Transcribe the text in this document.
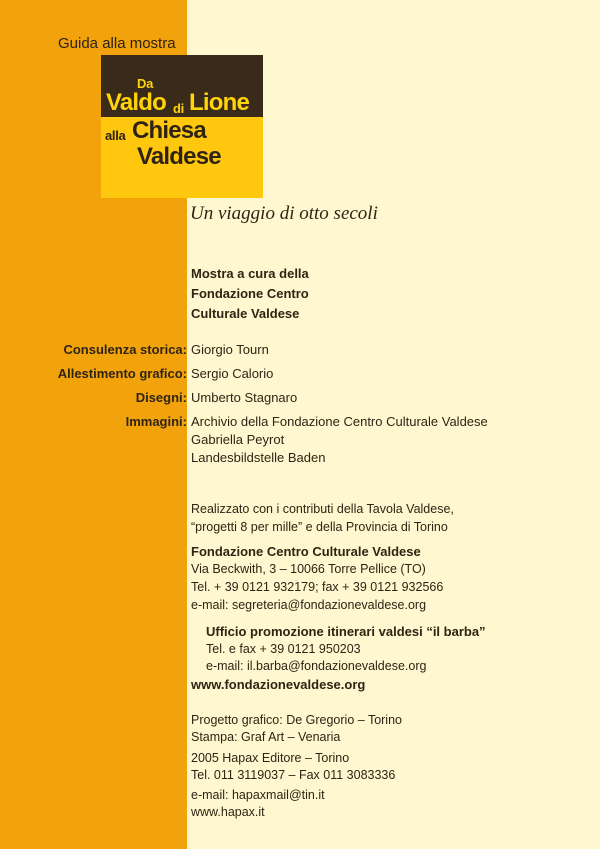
Guida alla mostra
Da
Valdo di Lione
alla Chiesa
Valdese
Un viaggio di otto secoli
Mostra a cura della
Fondazione Centro
Culturale Valdese
Consulenza storica: Giorgio Tourn
Allestimento grafico: Sergio Calorio
Disegni: Umberto Stagnaro
Immagini: Archivio della Fondazione Centro Culturale Valdese
Gabriella Peyrot
Landesbildstelle Baden
Realizzato con i contributi della Tavola Valdese,
“progetti 8 per mille” e della Provincia di Torino
Fondazione Centro Culturale Valdese
Via Beckwith, 3 – 10066 Torre Pellice (TO)
Tel. + 39 0121 932179; fax + 39 0121 932566
e-mail: segreteria@fondazionevaldese.org
Ufficio promozione itinerari valdesi “il barba”
Tel. e fax + 39 0121 950203
e-mail: il.barba@fondazionevaldese.org
www.fondazionevaldese.org
Progetto grafico: De Gregorio – Torino
Stampa: Graf Art – Venaria
2005 Hapax Editore – Torino
Tel. 011 3119037 – Fax 011 3083336
e-mail: hapaxmail@tin.it
www.hapax.it
